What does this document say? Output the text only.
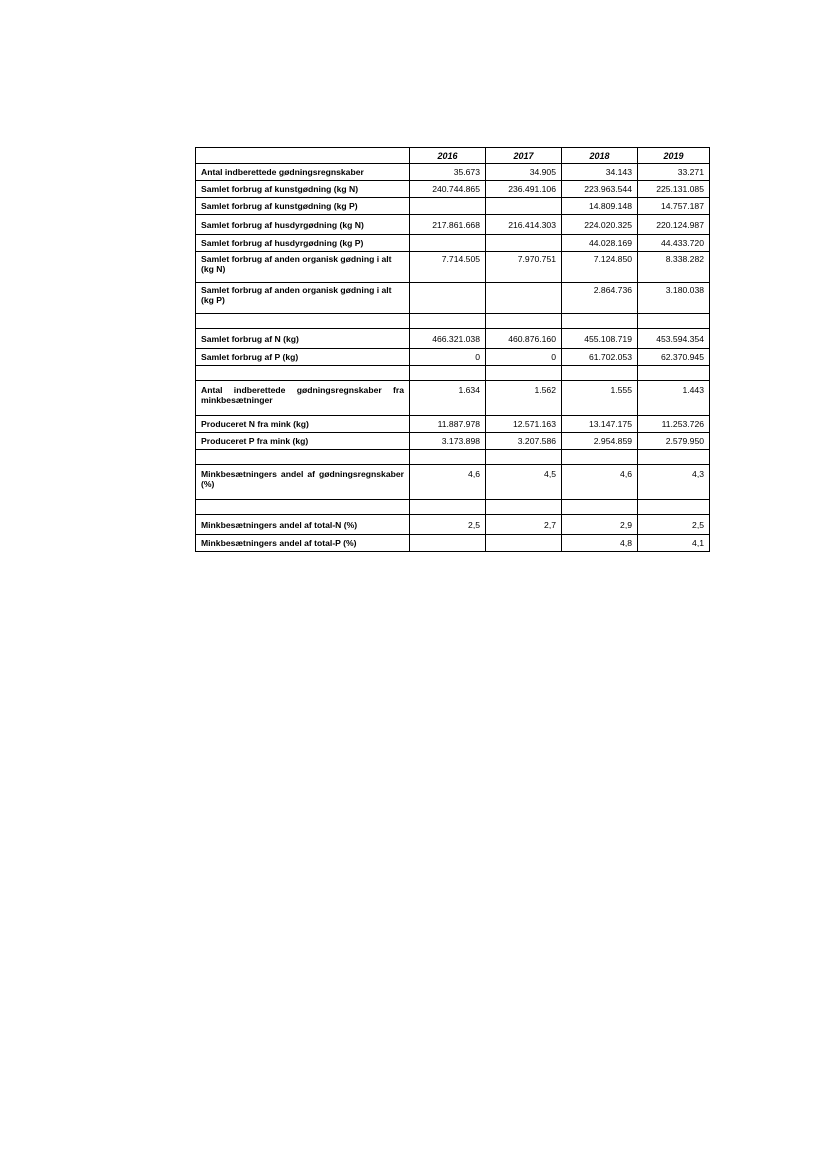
	2016	2017	2018	2019
Antal indberettede gødningsregnskaber	35.673	34.905	34.143	33.271
Samlet forbrug af kunstgødning (kg N)	240.744.865	236.491.106	223.963.544	225.131.085
Samlet forbrug af kunstgødning (kg P)			14.809.148	14.757.187
Samlet forbrug af husdyrgødning (kg N)	217.861.668	216.414.303	224.020.325	220.124.987
Samlet forbrug af husdyrgødning (kg P)			44.028.169	44.433.720
Samlet forbrug af anden organisk gødning i alt (kg N)	7.714.505	7.970.751	7.124.850	8.338.282
Samlet forbrug af anden organisk gødning i alt (kg P)			2.864.736	3.180.038

Samlet forbrug af N (kg)	466.321.038	460.876.160	455.108.719	453.594.354
Samlet forbrug af P (kg)	0	0	61.702.053	62.370.945

Antal indberettede gødningsregnskaber fra minkbesætninger	1.634	1.562	1.555	1.443
Produceret N fra mink (kg)	11.887.978	12.571.163	13.147.175	11.253.726
Produceret P fra mink (kg)	3.173.898	3.207.586	2.954.859	2.579.950

Minkbesætningers andel af gødningsregnskaber (%)	4,6	4,5	4,6	4,3

Minkbesætningers andel af total-N (%)	2,5	2,7	2,9	2,5
Minkbesætningers andel af total-P (%)			4,8	4,1
